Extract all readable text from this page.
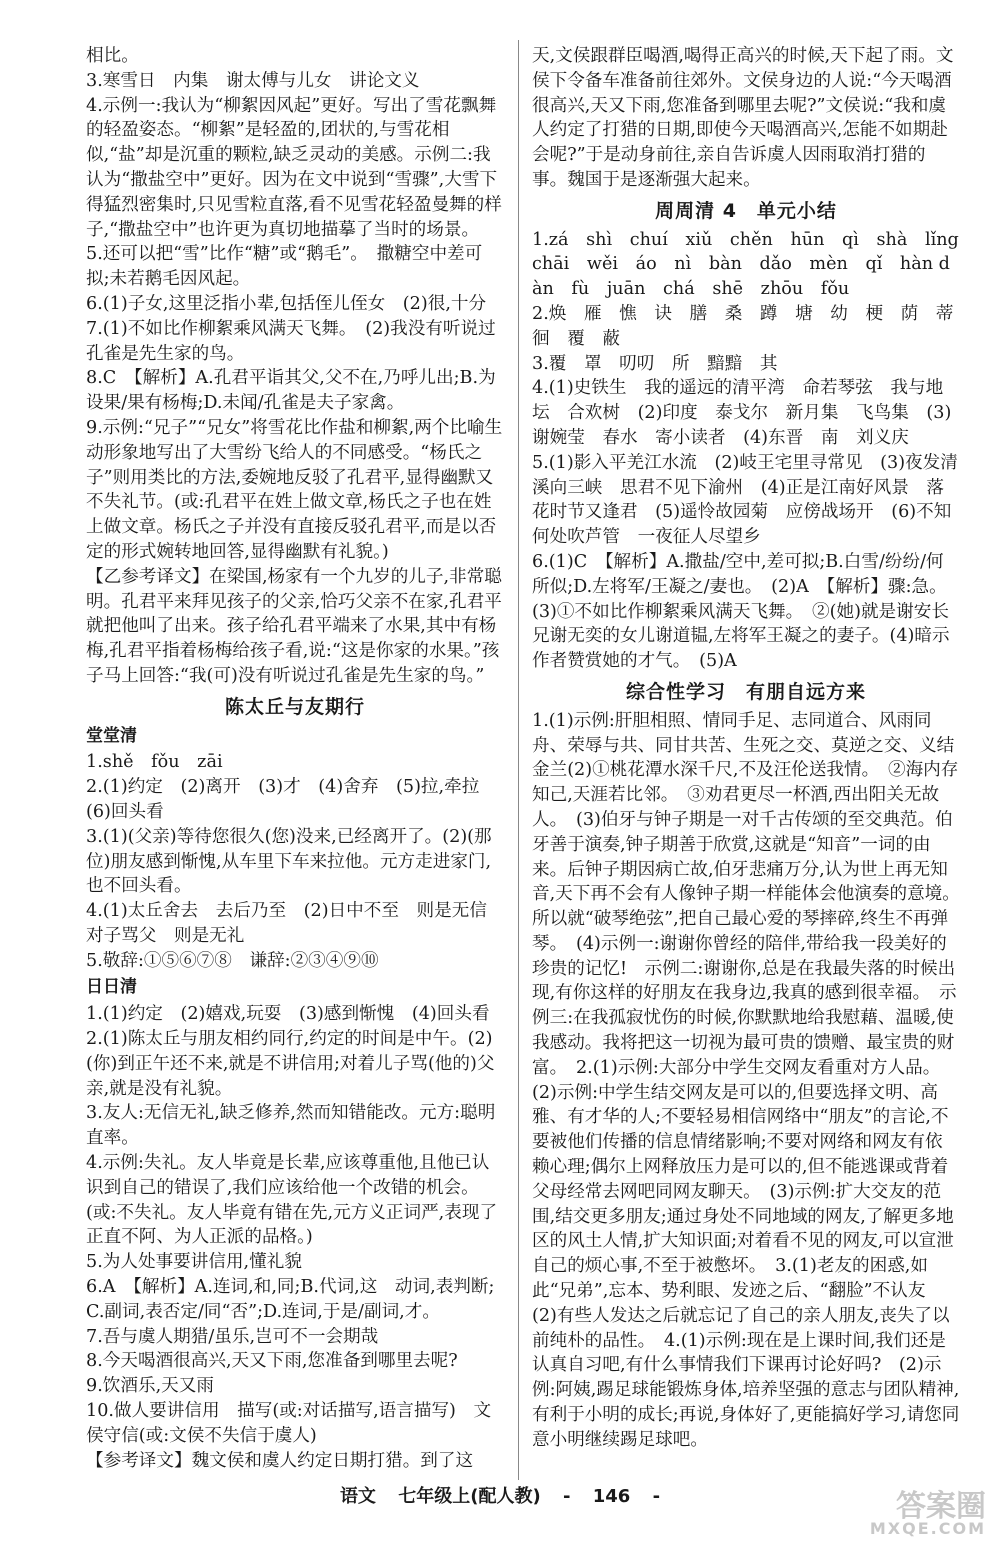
相比。

3.寒雪日　内集　谢太傅与儿女　讲论文义

4.示例一:我认为“柳絮因风起”更好。写出了雪花飘舞的轻盈姿态。“柳絮”是轻盈的,团状的,与雪花相似,“盐”却是沉重的颗粒,缺乏灵动的美感。示例二:我认为“撒盐空中”更好。因为在文中说到“雪骤”,大雪下得猛烈密集时,只见雪粒直落,看不见雪花轻盈曼舞的样子,“撒盐空中”也许更为真切地描摹了当时的场景。

5.还可以把“雪”比作“糖”或“鹅毛”。　撒糖空中差可拟;未若鹅毛因风起。

6.(1)子女,这里泛指小辈,包括侄儿侄女　(2)很,十分

7.(1)不如比作柳絮乘风满天飞舞。　(2)我没有听说过孔雀是先生家的鸟。

8.C　【解析】A.孔君平诣其父,父不在,乃呼儿出;B.为设果/果有杨梅;D.未闻/孔雀是夫子家禽。

9.示例:“兄子”“兄女”将雪花比作盐和柳絮,两个比喻生动形象地写出了大雪纷飞给人的不同感受。“杨氏之子”则用类比的方法,委婉地反驳了孔君平,显得幽默又不失礼节。(或:孔君平在姓上做文章,杨氏之子也在姓上做文章。杨氏之子并没有直接反驳孔君平,而是以否定的形式婉转地回答,显得幽默有礼貌。)

【乙参考译文】在梁国,杨家有一个九岁的儿子,非常聪明。孔君平来拜见孩子的父亲,恰巧父亲不在家,孔君平就把他叫了出来。孩子给孔君平端来了水果,其中有杨梅,孔君平指着杨梅给孩子看,说:“这是你家的水果。”孩子马上回答:“我(可)没有听说过孔雀是先生家的鸟。”

陈太丘与友期行
堂堂清

1.shě　fǒu　zāi

2.(1)约定　(2)离开　(3)才　(4)舍弃　(5)拉,牵拉　(6)回头看

3.(1)(父亲)等待您很久(您)没来,已经离开了。(2)(那位)朋友感到惭愧,从车里下车来拉他。元方走进家门,也不回头看。

4.(1)太丘舍去　去后乃至　(2)日中不至　则是无信　对子骂父　则是无礼

5.敬辞:①⑤⑥⑦⑧　谦辞:②③④⑨⑩

日日清

1.(1)约定　(2)嬉戏,玩耍　(3)感到惭愧　(4)回头看

2.(1)陈太丘与朋友相约同行,约定的时间是中午。(2)(你)到正午还不来,就是不讲信用;对着儿子骂(他的)父亲,就是没有礼貌。

3.友人:无信无礼,缺乏修养,然而知错能改。元方:聪明直率。

4.示例:失礼。友人毕竟是长辈,应该尊重他,且他已认识到自己的错误了,我们应该给他一个改错的机会。(或:不失礼。友人毕竟有错在先,元方义正词严,表现了正直不阿、为人正派的品格。)

5.为人处事要讲信用,懂礼貌

6.A　【解析】A.连词,和,同;B.代词,这　动词,表判断;C.副词,表否定/同“否”;D.连词,于是/副词,才。

7.吾与虞人期猎/虽乐,岂可不一会期哉

8.今天喝酒很高兴,天又下雨,您准备到哪里去呢?

9.饮酒乐,天又雨

10.做人要讲信用　描写(或:对话描写,语言描写)　文侯守信(或:文侯不失信于虞人)

【参考译文】魏文侯和虞人约定日期打猎。到了这

天,文侯跟群臣喝酒,喝得正高兴的时候,天下起了雨。文侯下令备车准备前往郊外。文侯身边的人说:“今天喝酒很高兴,天又下雨,您准备到哪里去呢?”文侯说:“我和虞人约定了打猎的日期,即使今天喝酒高兴,怎能不如期赴会呢?”于是动身前往,亲自告诉虞人因雨取消打猎的事。魏国于是逐渐强大起来。

周周清 4　单元小结

1.zá　shì　chuí　xiǔ　chěn　hūn　qì　shà　lǐng　chāi　wěi　áo　nì　bàn　dǎo　mèn　qǐ　hàn dàn　fù　juān　chá　shē　zhōu　fǒu

2.焕　雁　憔　诀　膳　桑　蹲　塘　幼　梗　荫　蒂　徊　覆　蔽

3.覆　罩　叨叨　所　黯黯　其

4.(1)史铁生　我的遥远的清平湾　命若琴弦　我与地坛　合欢树　(2)印度　泰戈尔　新月集　飞鸟集　(3)谢婉莹　春水　寄小读者　(4)东晋　南　刘义庆

5.(1)影入平羌江水流　(2)岐王宅里寻常见　(3)夜发清溪向三峡　思君不见下渝州　(4)正是江南好风景　落花时节又逢君　(5)遥怜故园菊　应傍战场开　(6)不知何处吹芦管　一夜征人尽望乡

6.(1)C　【解析】A.撒盐/空中,差可拟;B.白雪/纷纷/何所似;D.左将军/王凝之/妻也。　(2)A　【解析】骤:急。(3)①不如比作柳絮乘风满天飞舞。　②(她)就是谢安长兄谢无奕的女儿谢道韫,左将军王凝之的妻子。(4)暗示作者赞赏她的才气。　(5)A

综合性学习　有朋自远方来

1.(1)示例:肝胆相照、情同手足、志同道合、风雨同舟、荣辱与共、同甘共苦、生死之交、莫逆之交、义结金兰(2)①桃花潭水深千尺,不及汪伦送我情。　②海内存知己,天涯若比邻。　③劝君更尽一杯酒,西出阳关无故人。　(3)伯牙与钟子期是一对千古传颂的至交典范。伯牙善于演奏,钟子期善于欣赏,这就是“知音”一词的由来。后钟子期因病亡故,伯牙悲痛万分,认为世上再无知音,天下再不会有人像钟子期一样能体会他演奏的意境。所以就“破琴绝弦”,把自己最心爱的琴摔碎,终生不再弹琴。　(4)示例一:谢谢你曾经的陪伴,带给我一段美好的珍贵的记忆!　示例二:谢谢你,总是在我最失落的时候出现,有你这样的好朋友在我身边,我真的感到很幸福。　示例三:在我孤寂忧伤的时候,你默默地给我慰藉、温暖,使我感动。我将把这一切视为最可贵的馈赠、最宝贵的财富。　2.(1)示例:大部分中学生交网友看重对方人品。　(2)示例:中学生结交网友是可以的,但要选择文明、高雅、有才华的人;不要轻易相信网络中“朋友”的言论,不要被他们传播的信息情绪影响;不要对网络和网友有依赖心理;偶尔上网释放压力是可以的,但不能逃课或背着父母经常去网吧同网友聊天。　(3)示例:扩大交友的范围,结交更多朋友;通过身处不同地域的网友,了解更多地区的风土人情,扩大知识面;对着看不见的网友,可以宣泄自己的烦心事,不至于被憋坏。　3.(1)老友的困惑,如此“兄弟”,忘本、势利眼、发迹之后、“翻脸”不认友　(2)有些人发达之后就忘记了自己的亲人朋友,丧失了以前纯朴的品性。　4.(1)示例:现在是上课时间,我们还是认真自习吧,有什么事情我们下课再讨论好吗?　(2)示例:阿姨,踢足球能锻炼身体,培养坚强的意志与团队精神,有利于小明的成长;再说,身体好了,更能搞好学习,请您同意小明继续踢足球吧。

语文 七年级上(配人教) - 146 -	答案圈
MXQE.COM
